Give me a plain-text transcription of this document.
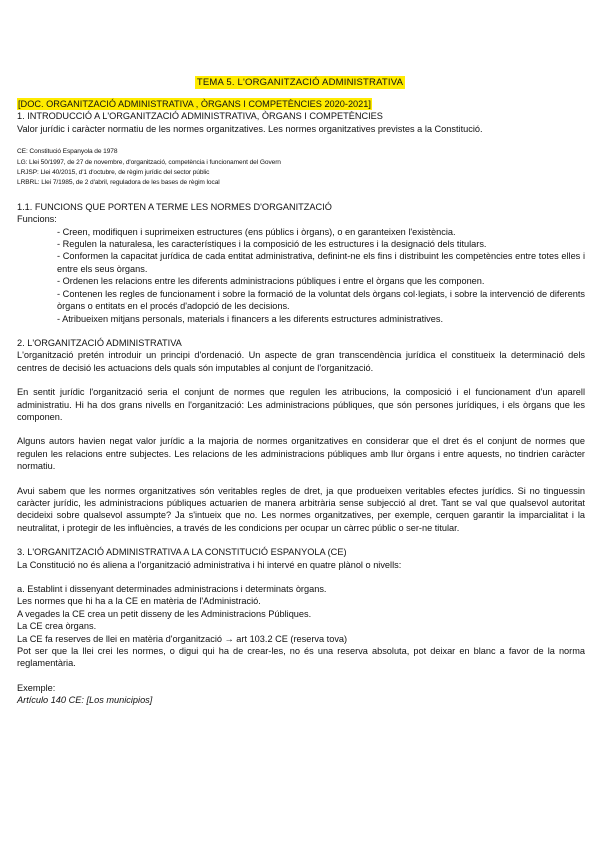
TEMA 5. L'ORGANITZACIÓ ADMINISTRATIVA

[DOC. ORGANITZACIÓ ADMINISTRATIVA , ÒRGANS I COMPETÈNCIES 2020-2021]

1. INTRODUCCIÓ A L'ORGANITZACIÓ ADMINISTRATIVA, ÒRGANS I COMPETÈNCIES

Valor jurídic i caràcter normatiu de les normes organitzatives. Les normes organitzatives previstes a la Constitució.

CE: Constitució Espanyola de 1978

LG: Llei 50/1997, de 27 de novembre, d'organització, competència i funcionament del Govern

LRJSP: Llei 40/2015, d'1 d'octubre, de règim jurídic del sector públic

LRBRL: Llei 7/1985, de 2 d'abril, reguladora de les bases de règim local

1.1. FUNCIONS QUE PORTEN A TERME LES NORMES D'ORGANITZACIÓ

Funcions:

- Creen, modifiquen i suprimeixen estructures (ens públics i òrgans), o en garanteixen l'existència.
- Regulen la naturalesa, les característiques i la composició de les estructures i la designació dels titulars.
- Conformen la capacitat jurídica de cada entitat administrativa, definint-ne els fins i distribuint les competències entre totes elles i entre els seus òrgans.
- Ordenen les relacions entre les diferents administracions públiques i entre el òrgans que les componen.
- Contenen les regles de funcionament i sobre la formació de la voluntat dels òrgans col·legiats, i sobre la intervenció de diferents òrgans o entitats en el procés d'adopció de les decisions.
- Atribueixen mitjans personals, materials i financers a les diferents estructures administratives.

2. L'ORGANITZACIÓ ADMINISTRATIVA

L'organització pretén introduir un principi d'ordenació. Un aspecte de gran transcendència jurídica el constitueix la determinació dels centres de decisió les actuacions dels quals són imputables al conjunt de l'organització.

En sentit jurídic l'organització seria el conjunt de normes que regulen les atribucions, la composició i el funcionament d'un aparell administratiu. Hi ha dos grans nivells en l'organització: Les administracions públiques, que són persones jurídiques, i els òrgans que les componen.

Alguns autors havien negat valor jurídic a la majoria de normes organitzatives en considerar que el dret és el conjunt de normes que regulen les relacions entre subjectes. Les relacions de les administracions públiques amb llur òrgans i entre aquests, no tindrien caràcter normatiu.

Avui sabem que les normes organitzatives són veritables regles de dret, ja que produeixen veritables efectes jurídics. Si no tinguessin caràcter jurídic, les administracions públiques actuarien de manera arbitrària sense subjecció al dret. Tant se val que qualsevol autoritat decideixi sobre qualsevol assumpte? Ja s'intueix que no. Les normes organitzatives, per exemple, cerquen garantir la imparcialitat i la neutralitat, i protegir de les influències, a través de les condicions per ocupar un càrrec públic o ser-ne titular.

3. L'ORGANITZACIÓ ADMINISTRATIVA A LA CONSTITUCIÓ ESPANYOLA (CE)

La Constitució no és aliena a l'organització administrativa i hi intervé en quatre plànol o nivells:

a. Establint i dissenyant determinades administracions i determinats òrgans.

Les normes que hi ha a la CE en matèria de l'Administració.

A vegades la CE crea un petit disseny de les Administracions Públiques.

La CE crea òrgans.

La CE fa reserves de llei en matèria d'organització → art 103.2 CE (reserva tova)

Pot ser que la llei crei les normes, o digui qui ha de crear-les, no és una reserva absoluta, pot deixar en blanc a favor de la norma reglamentària.

Exemple:

Artículo 140 CE: [Los municipios]
